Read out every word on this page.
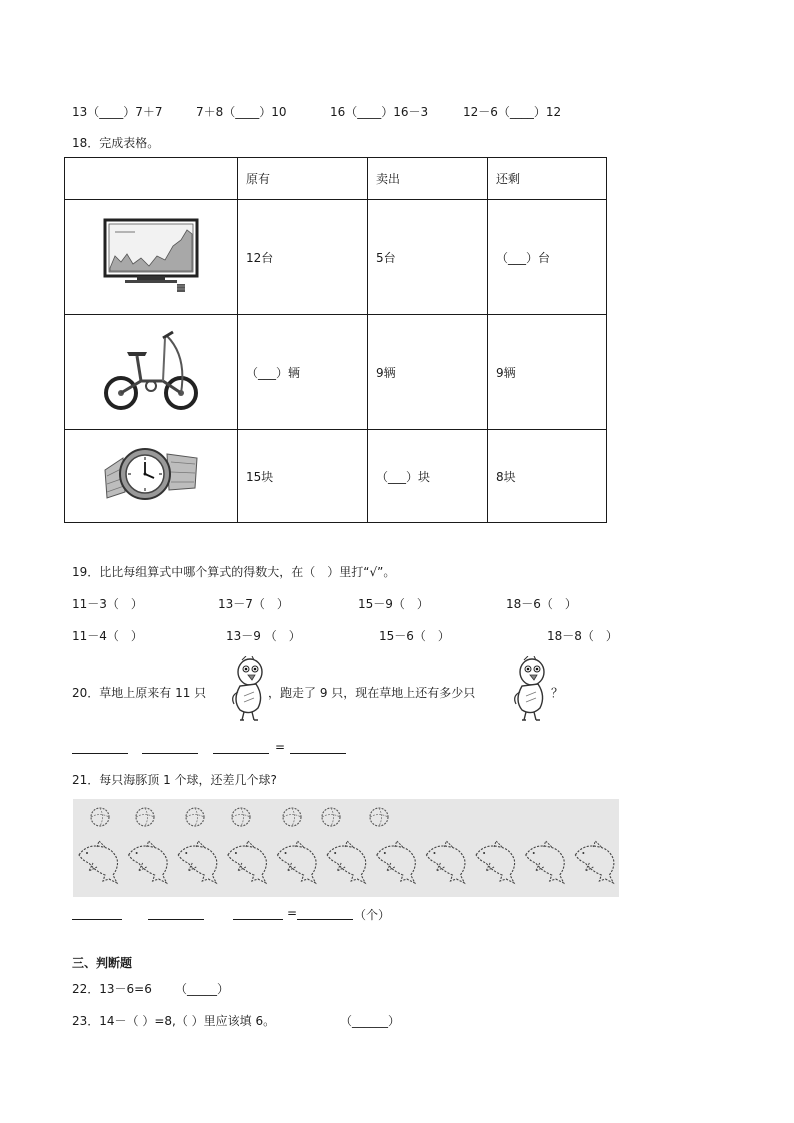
13（____）7＋7	7＋8（____）10	16（____）16－3	12－6（____）12
18．完成表格。
	原有	卖出	还剩
	12台	5台	（___）台
	（___）辆	9辆	9辆
	15块	（___）块	8块
19．比比每组算式中哪个算式的得数大，在（　）里打“√”。
11－3（　）	13－7（　）	15－9（　）	18－6（　）
11－4（　）	13－9 （　）	15－6（　）	18－8（　）
20．草地上原来有 11 只	，跑走了 9 只，现在草地上还有多少只	？
=
21．每只海豚顶 1 个球，还差几个球?
=	（个）
三、判断题
22．13－6=6 （_____）
23．14－（ ）=8,（ ）里应该填 6。	（______）
